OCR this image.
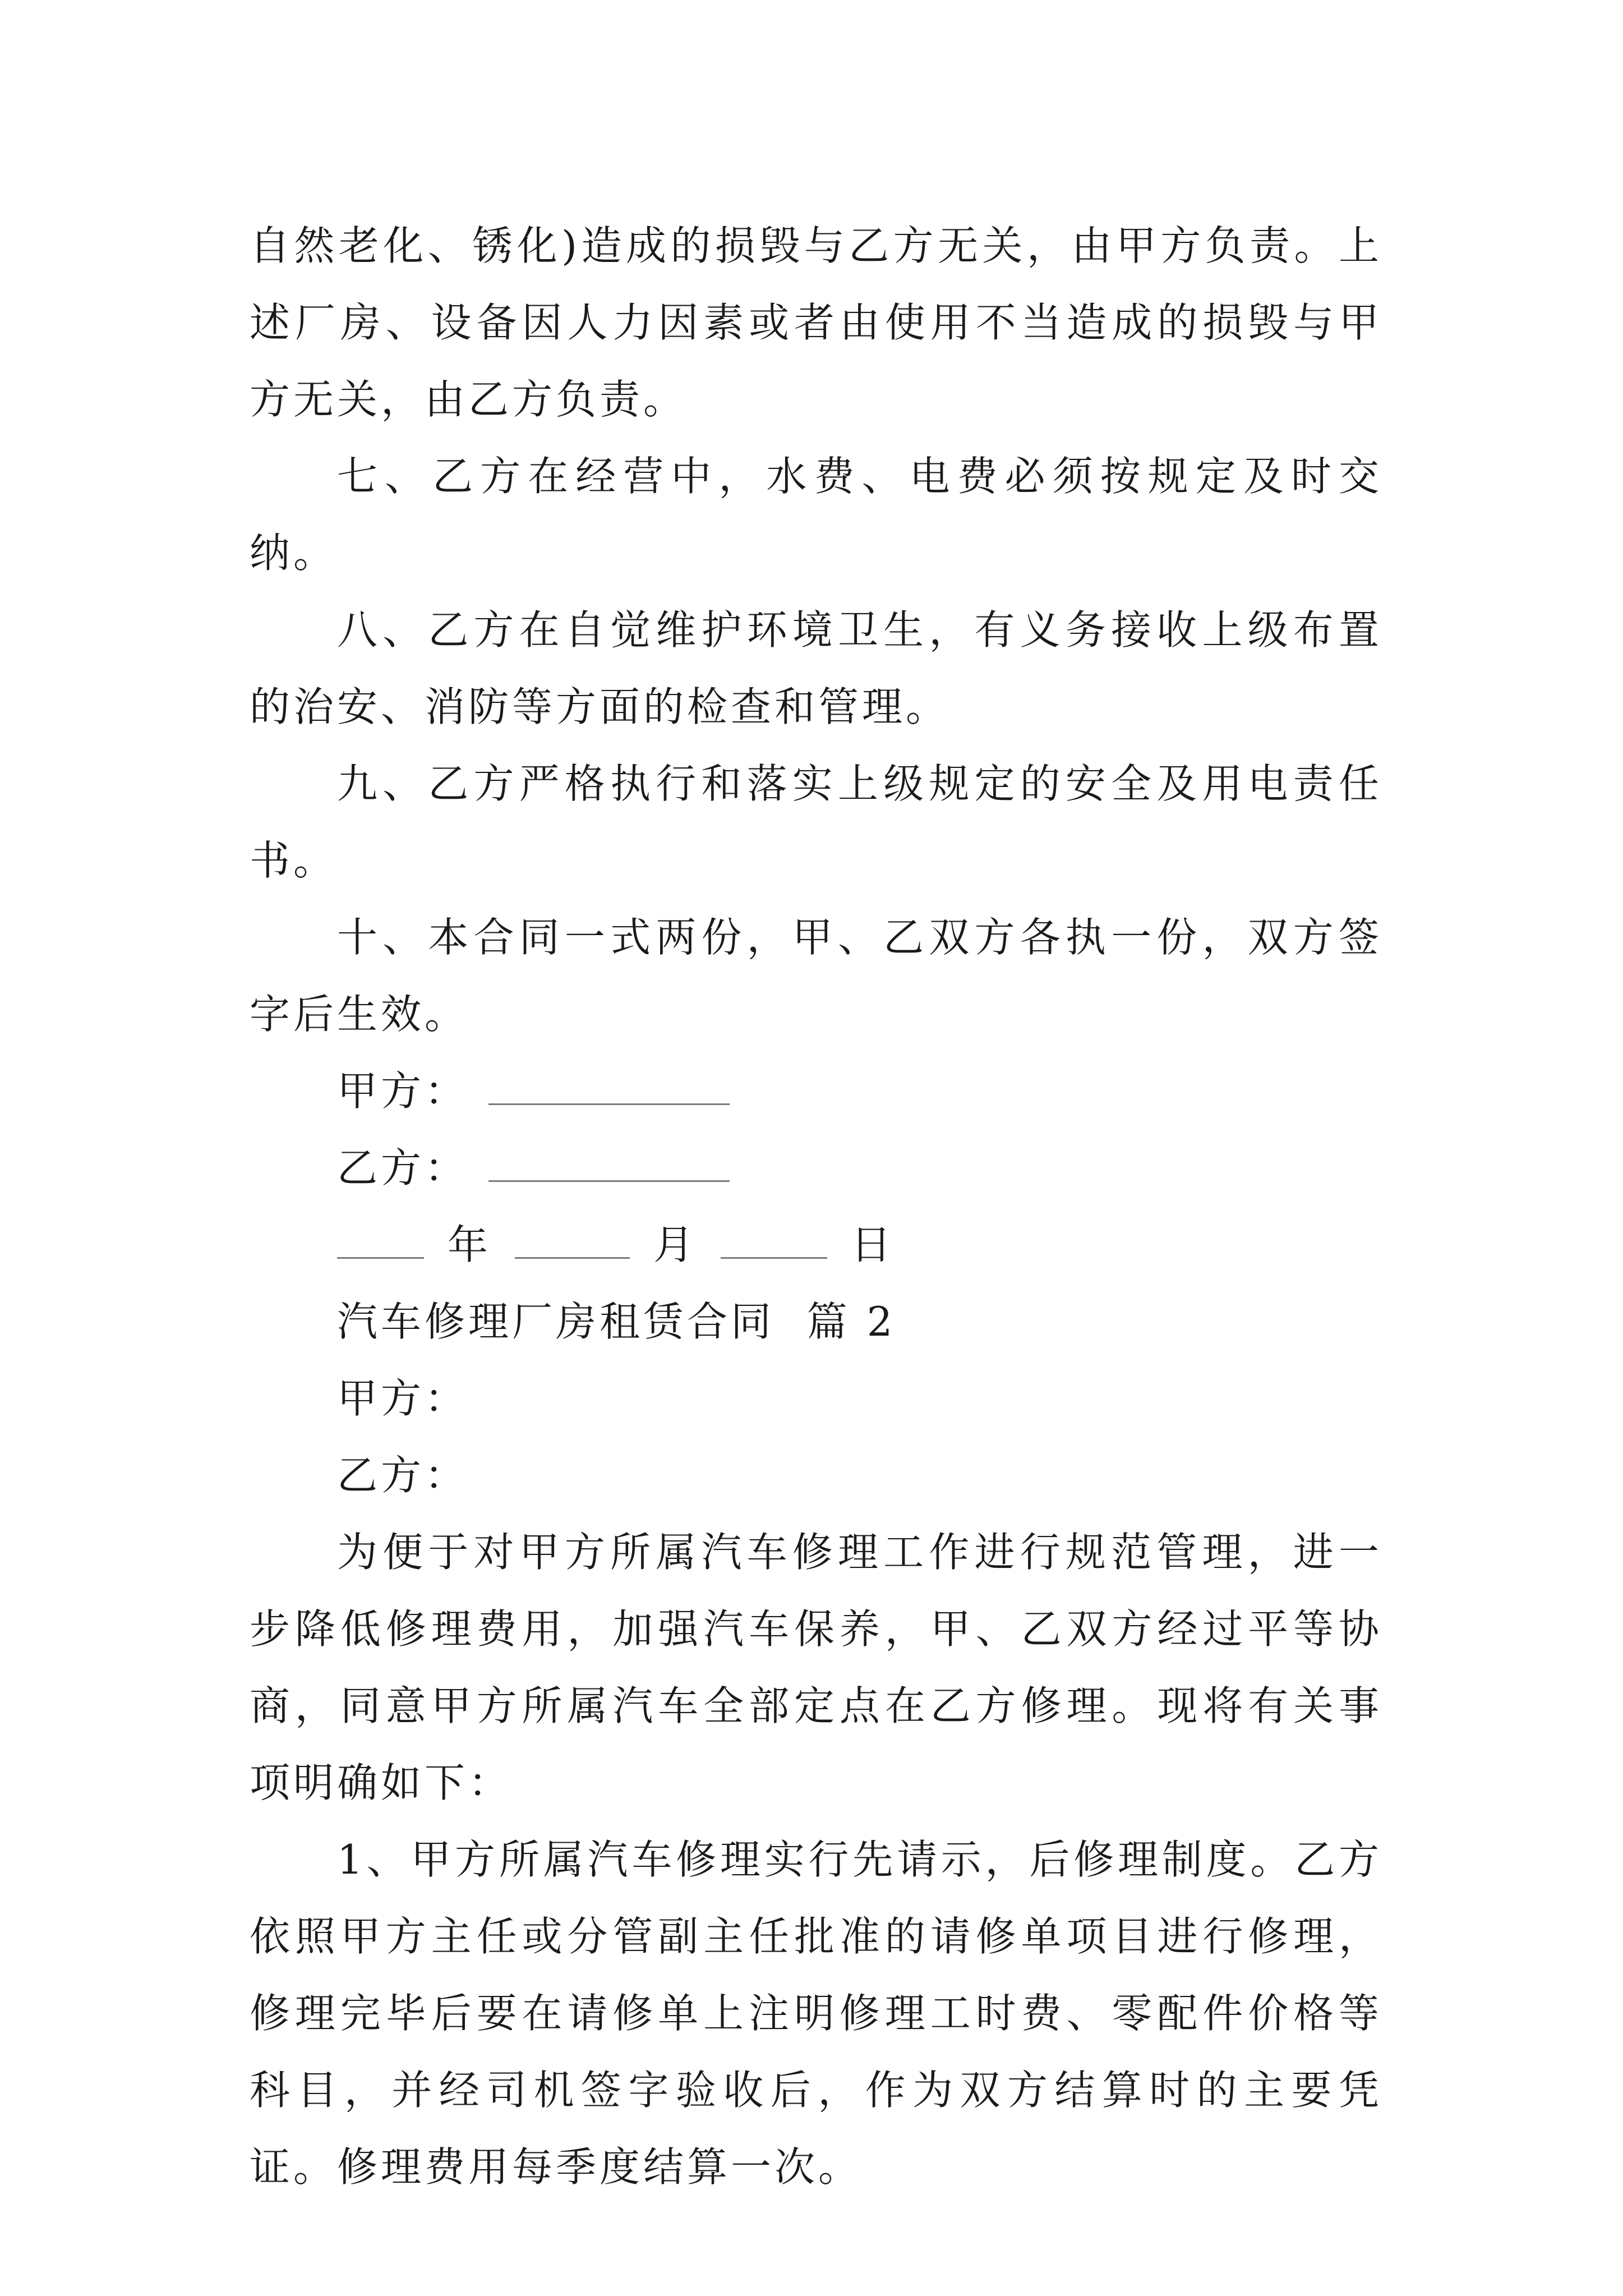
自然老化、锈化)造成的损毁与乙方无关，由甲方负责。上述厂房、设备因人力因素或者由使用不当造成的损毁与甲方无关，由乙方负责。

七、乙方在经营中，水费、电费必须按规定及时交纳。

八、乙方在自觉维护环境卫生，有义务接收上级布置的治安、消防等方面的检查和管理。

九、乙方严格执行和落实上级规定的安全及用电责任书。

十、本合同一式两份，甲、乙双方各执一份，双方签字后生效。

甲方：
乙方：
年	月	日

汽车修理厂房租赁合同  篇 2

甲方：

乙方：

为便于对甲方所属汽车修理工作进行规范管理，进一步降低修理费用，加强汽车保养，甲、乙双方经过平等协商，同意甲方所属汽车全部定点在乙方修理。现将有关事项明确如下：

1、甲方所属汽车修理实行先请示，后修理制度。乙方依照甲方主任或分管副主任批准的请修单项目进行修理，修理完毕后要在请修单上注明修理工时费、零配件价格等科目，并经司机签字验收后，作为双方结算时的主要凭证。修理费用每季度结算一次。
